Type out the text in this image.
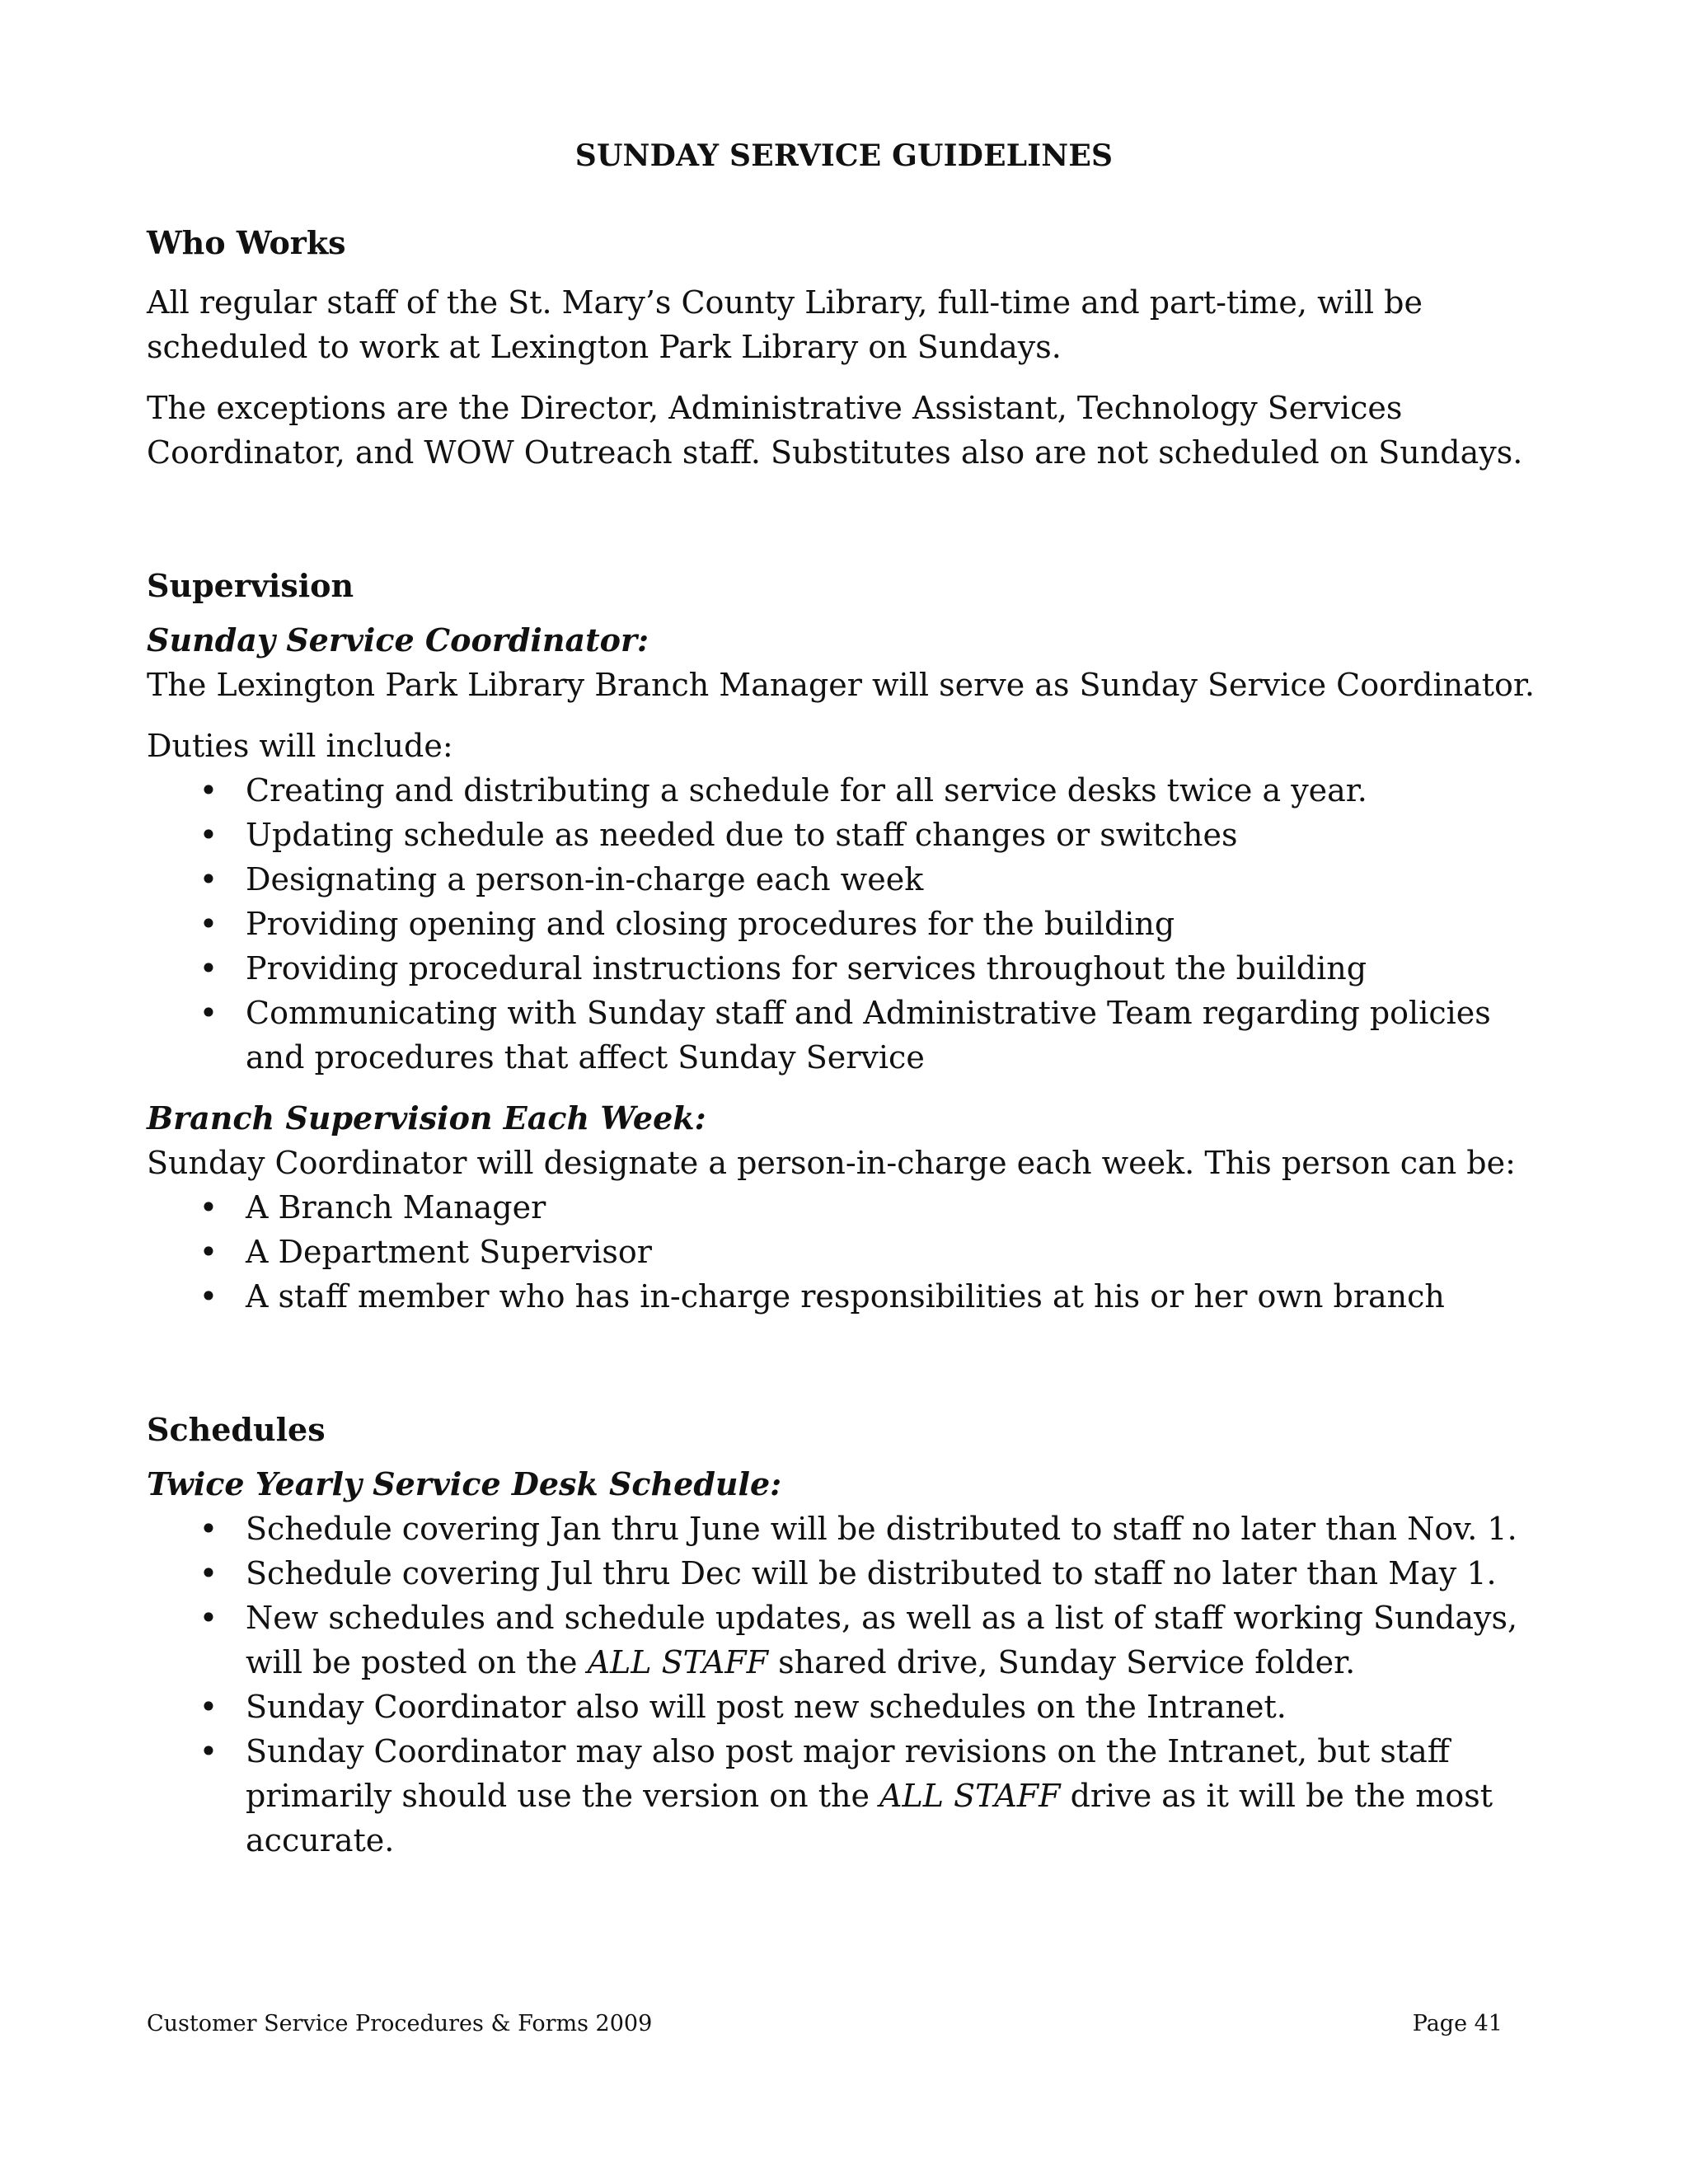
SUNDAY SERVICE GUIDELINES
Who Works

All regular staff of the St. Mary’s County Library, full-time and part-time, will be scheduled to work at Lexington Park Library on Sundays.

The exceptions are the Director, Administrative Assistant, Technology Services Coordinator, and WOW Outreach staff. Substitutes also are not scheduled on Sundays.

Supervision
Sunday Service Coordinator:

The Lexington Park Library Branch Manager will serve as Sunday Service Coordinator.

Duties will include:

• Creating and distributing a schedule for all service desks twice a year.
• Updating schedule as needed due to staff changes or switches
• Designating a person-in-charge each week
• Providing opening and closing procedures for the building
• Providing procedural instructions for services throughout the building
• Communicating with Sunday staff and Administrative Team regarding policies and procedures that affect Sunday Service
Branch Supervision Each Week:

Sunday Coordinator will designate a person-in-charge each week. This person can be:

• A Branch Manager
• A Department Supervisor
• A staff member who has in-charge responsibilities at his or her own branch
Schedules
Twice Yearly Service Desk Schedule:
• Schedule covering Jan thru June will be distributed to staff no later than Nov. 1.
• Schedule covering Jul thru Dec will be distributed to staff no later than May 1.
• New schedules and schedule updates, as well as a list of staff working Sundays, will be posted on the ALL STAFF shared drive, Sunday Service folder.
• Sunday Coordinator also will post new schedules on the Intranet.
• Sunday Coordinator may also post major revisions on the Intranet, but staff primarily should use the version on the ALL STAFF drive as it will be the most accurate.
Customer Service Procedures & Forms 2009	Page 41
